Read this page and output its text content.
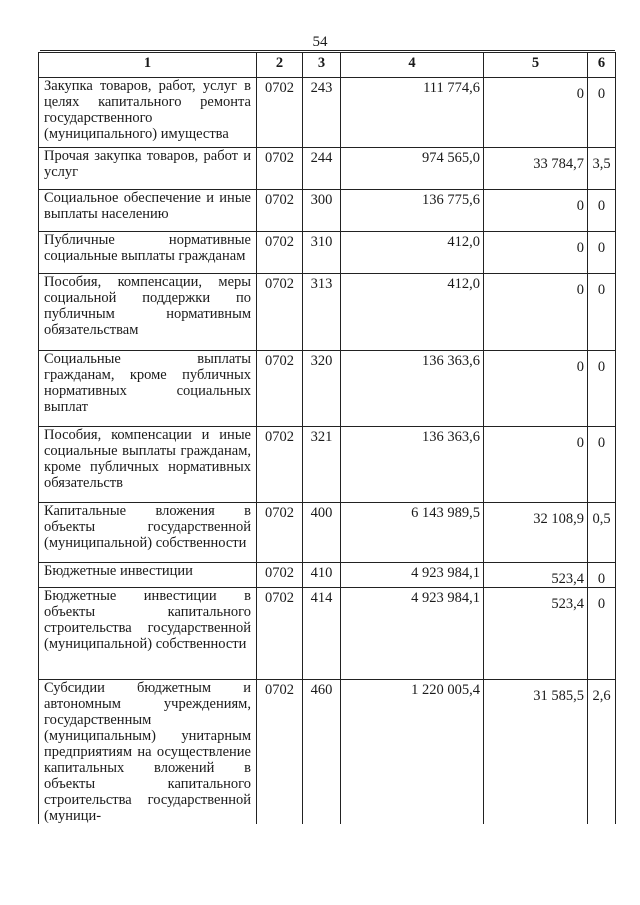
54
1	2	3	4	5	6
Закупка товаров, работ, услуг в целях капитального ремонта государственного (муниципального) имущества	0702	243	111 774,6	0	0
Прочая закупка товаров, работ и услуг	0702	244	974 565,0	33 784,7	3,5
Социальное обеспечение и иные выплаты населению	0702	300	136 775,6	0	0
Публичные нормативные социальные выплаты гражданам	0702	310	412,0	0	0
Пособия, компенсации, меры социальной поддержки по публичным нормативным обязательствам	0702	313	412,0	0	0
Социальные выплаты гражданам, кроме публичных нормативных социальных выплат	0702	320	136 363,6	0	0
Пособия, компенсации и иные социальные выплаты гражданам, кроме публичных нормативных обязательств	0702	321	136 363,6	0	0
Капитальные вложения в объекты государственной (муниципальной) собственности	0702	400	6 143 989,5	32 108,9	0,5
Бюджетные инвестиции	0702	410	4 923 984,1	523,4	0
Бюджетные инвестиции в объекты капитального строительства государственной (муниципальной) собственности	0702	414	4 923 984,1	523,4	0
Субсидии бюджетным и автономным учреждениям, государственным (муниципальным) унитарным предприятиям на осуществление капитальных вложений в объекты капитального строительства государственной (муници-	0702	460	1 220 005,4	31 585,5	2,6
